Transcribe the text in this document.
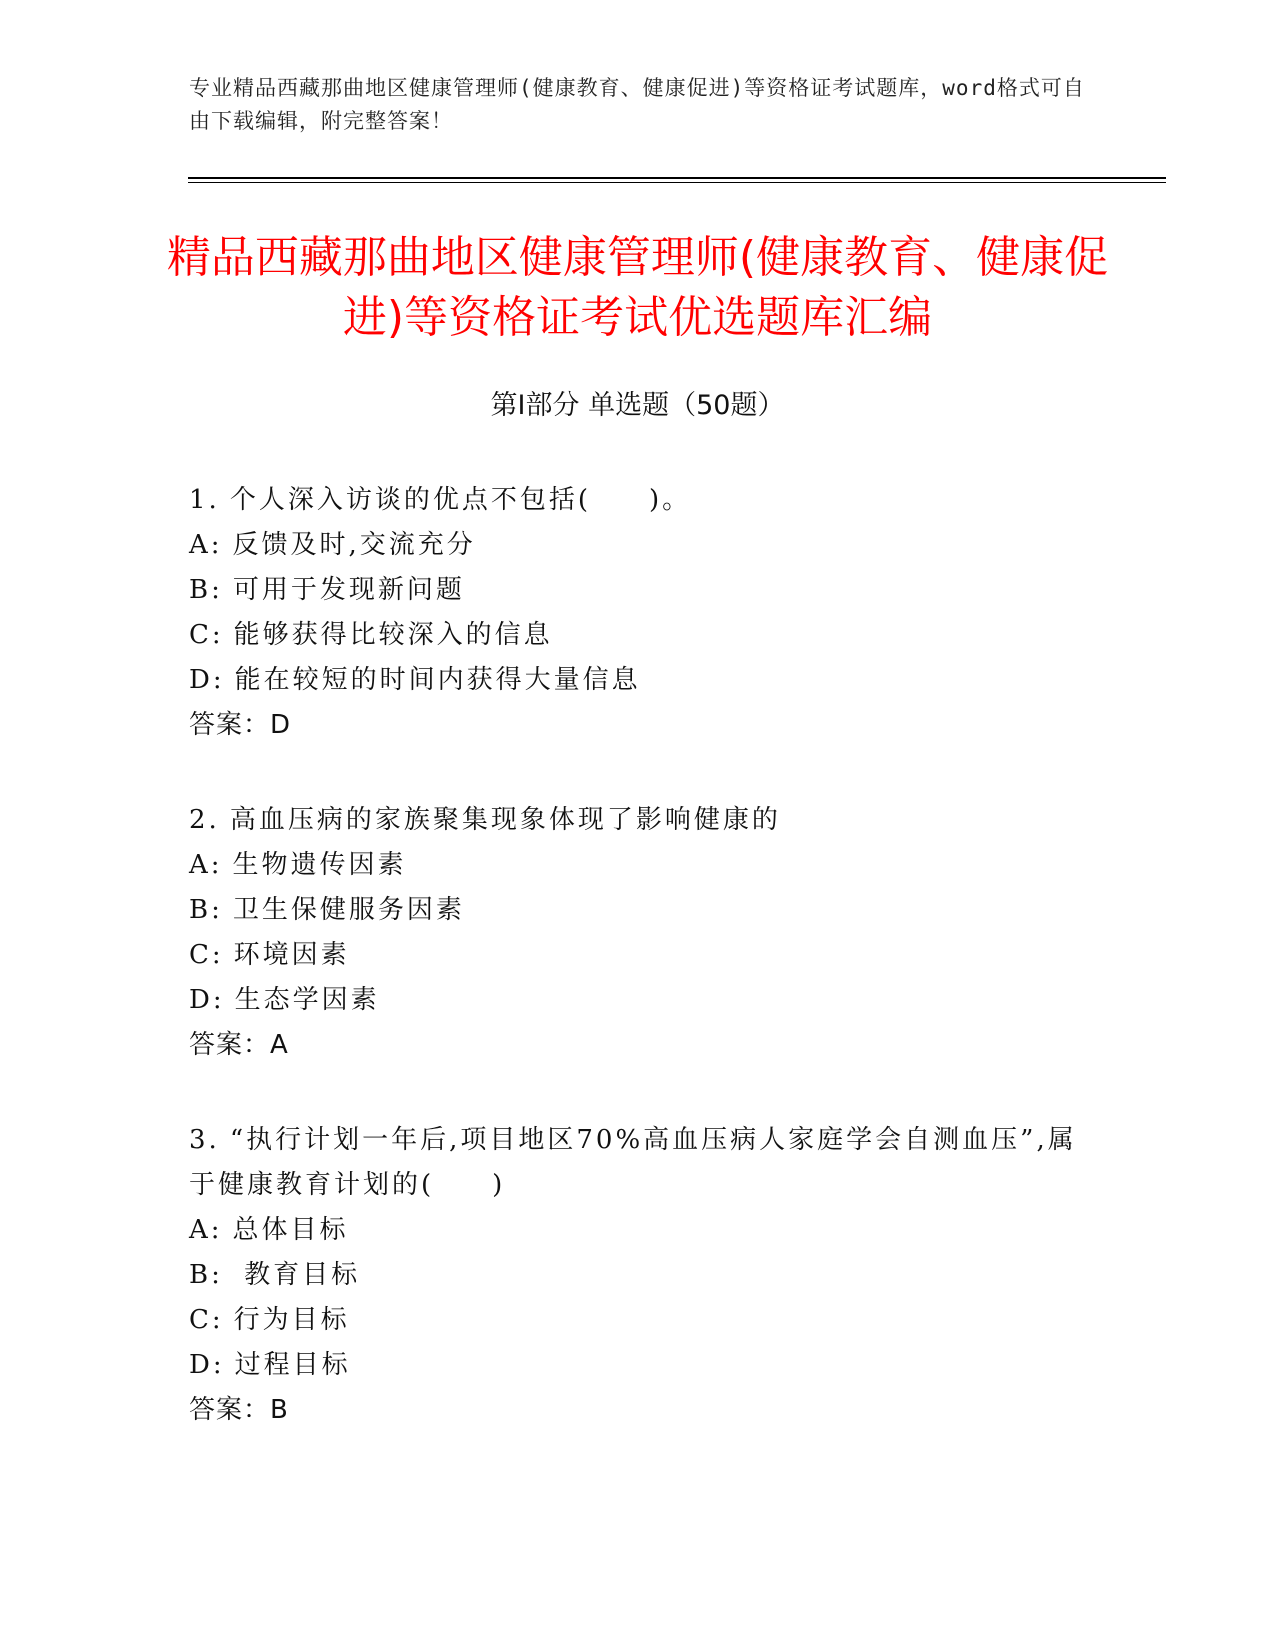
专业精品西藏那曲地区健康管理师(健康教育、健康促进)等资格证考试题库，word格式可自由下载编辑，附完整答案！
精品西藏那曲地区健康管理师(健康教育、健康促进)等资格证考试优选题库汇编
第Ⅰ部分 单选题（50题）
1. 个人深入访谈的优点不包括(　　)。
A: 反馈及时,交流充分
B: 可用于发现新问题
C: 能够获得比较深入的信息
D: 能在较短的时间内获得大量信息
答案：D
2. 高血压病的家族聚集现象体现了影响健康的
A: 生物遗传因素
B: 卫生保健服务因素
C: 环境因素
D: 生态学因素
答案：A
3. “执行计划一年后,项目地区70%高血压病人家庭学会自测血压”,属于健康教育计划的(　　)
A: 总体目标
B: 教育目标
C: 行为目标
D: 过程目标
答案：B
